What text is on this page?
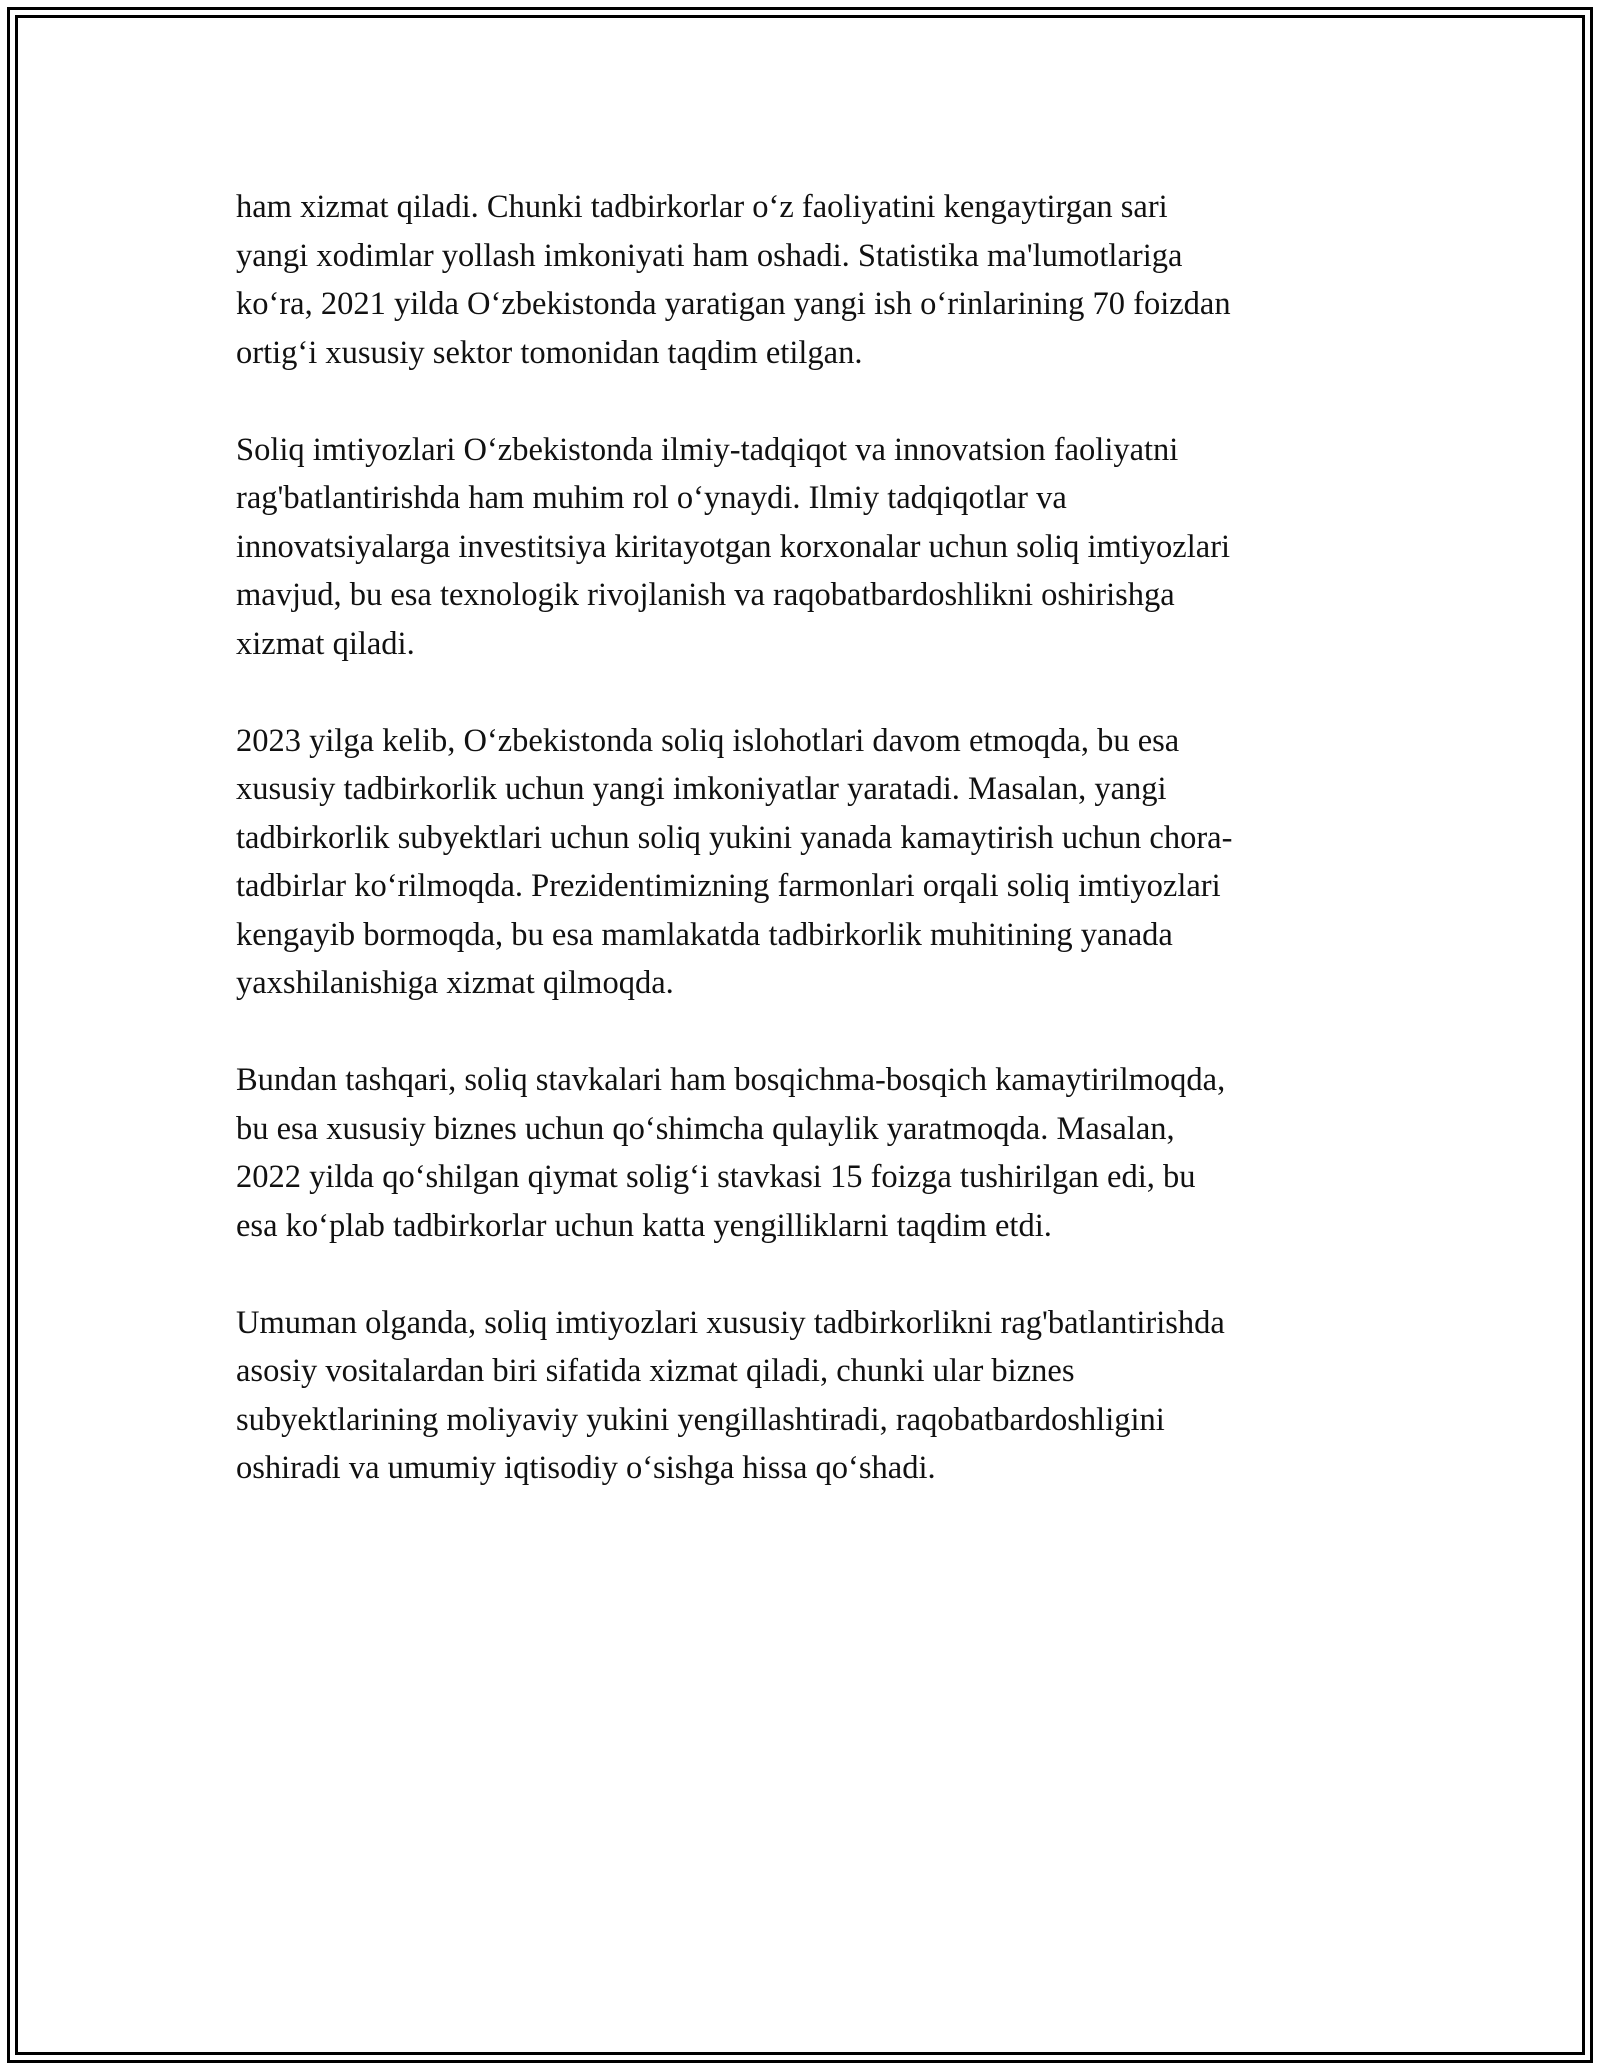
ham xizmat qiladi. Chunki tadbirkorlar o‘z faoliyatini kengaytirgan sari
yangi xodimlar yollash imkoniyati ham oshadi. Statistika ma'lumotlariga
ko‘ra, 2021 yilda O‘zbekistonda yaratigan yangi ish o‘rinlarining 70 foizdan
ortig‘i xususiy sektor tomonidan taqdim etilgan.

Soliq imtiyozlari O‘zbekistonda ilmiy-tadqiqot va innovatsion faoliyatni
rag'batlantirishda ham muhim rol o‘ynaydi. Ilmiy tadqiqotlar va
innovatsiyalarga investitsiya kiritayotgan korxonalar uchun soliq imtiyozlari
mavjud, bu esa texnologik rivojlanish va raqobatbardoshlikni oshirishga
xizmat qiladi.

2023 yilga kelib, O‘zbekistonda soliq islohotlari davom etmoqda, bu esa
xususiy tadbirkorlik uchun yangi imkoniyatlar yaratadi. Masalan, yangi
tadbirkorlik subyektlari uchun soliq yukini yanada kamaytirish uchun chora-
tadbirlar ko‘rilmoqda. Prezidentimizning farmonlari orqali soliq imtiyozlari
kengayib bormoqda, bu esa mamlakatda tadbirkorlik muhitining yanada
yaxshilanishiga xizmat qilmoqda.

Bundan tashqari, soliq stavkalari ham bosqichma-bosqich kamaytirilmoqda,
bu esa xususiy biznes uchun qo‘shimcha qulaylik yaratmoqda. Masalan,
2022 yilda qo‘shilgan qiymat solig‘i stavkasi 15 foizga tushirilgan edi, bu
esa ko‘plab tadbirkorlar uchun katta yengilliklarni taqdim etdi.

Umuman olganda, soliq imtiyozlari xususiy tadbirkorlikni rag'batlantirishda
asosiy vositalardan biri sifatida xizmat qiladi, chunki ular biznes
subyektlarining moliyaviy yukini yengillashtiradi, raqobatbardoshligini
oshiradi va umumiy iqtisodiy o‘sishga hissa qo‘shadi.
